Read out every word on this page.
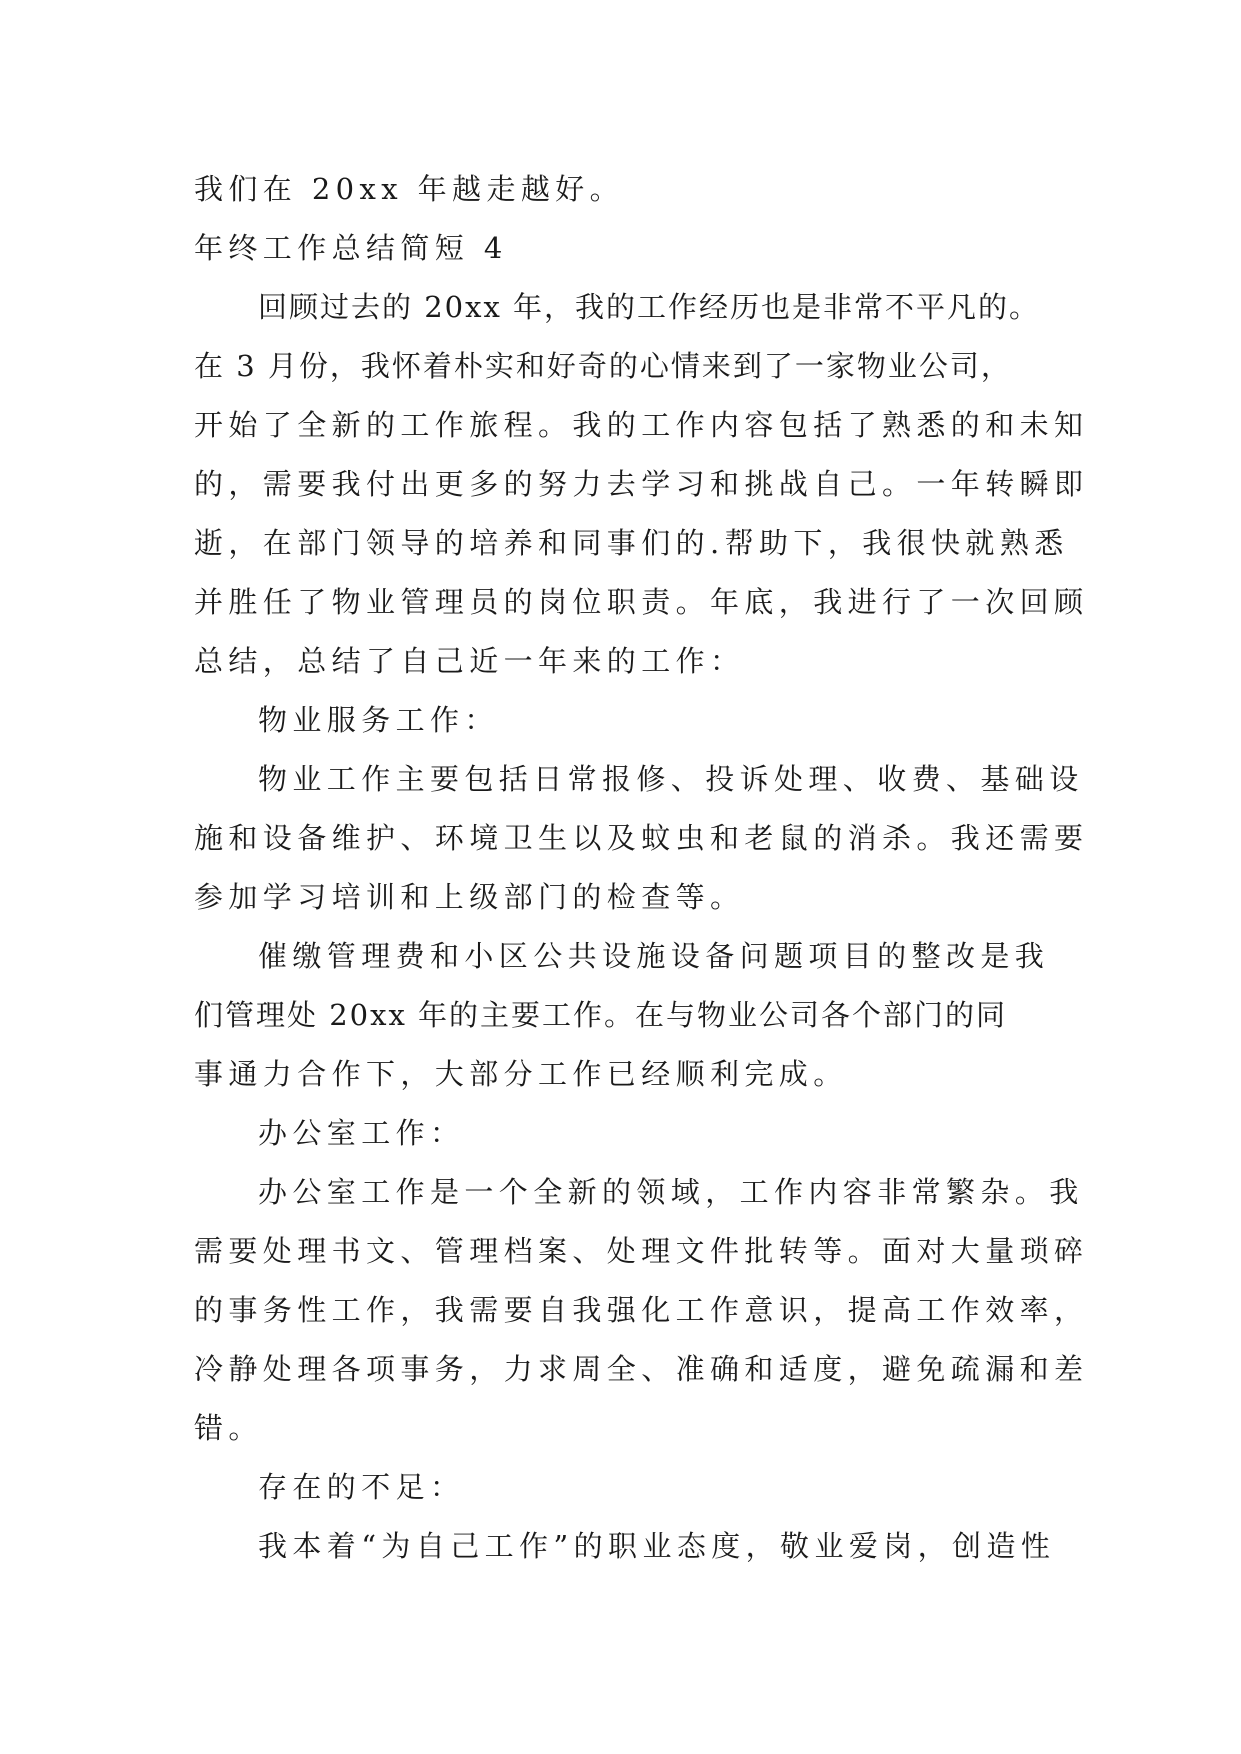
我们在 20xx 年越走越好。

年终工作总结简短 4

回顾过去的 20xx 年，我的工作经历也是非常不平凡的。

在 3 月份，我怀着朴实和好奇的心情来到了一家物业公司，

开始了全新的工作旅程。我的工作内容包括了熟悉的和未知

的，需要我付出更多的努力去学习和挑战自己。一年转瞬即

逝，在部门领导的培养和同事们的.帮助下，我很快就熟悉

并胜任了物业管理员的岗位职责。年底，我进行了一次回顾

总结，总结了自己近一年来的工作：

物业服务工作：

物业工作主要包括日常报修、投诉处理、收费、基础设

施和设备维护、环境卫生以及蚊虫和老鼠的消杀。我还需要

参加学习培训和上级部门的检查等。

催缴管理费和小区公共设施设备问题项目的整改是我

们管理处 20xx 年的主要工作。在与物业公司各个部门的同

事通力合作下，大部分工作已经顺利完成。

办公室工作：

办公室工作是一个全新的领域，工作内容非常繁杂。我

需要处理书文、管理档案、处理文件批转等。面对大量琐碎

的事务性工作，我需要自我强化工作意识，提高工作效率，

冷静处理各项事务，力求周全、准确和适度，避免疏漏和差

错。

存在的不足：

我本着“为自己工作”的职业态度，敬业爱岗，创造性
